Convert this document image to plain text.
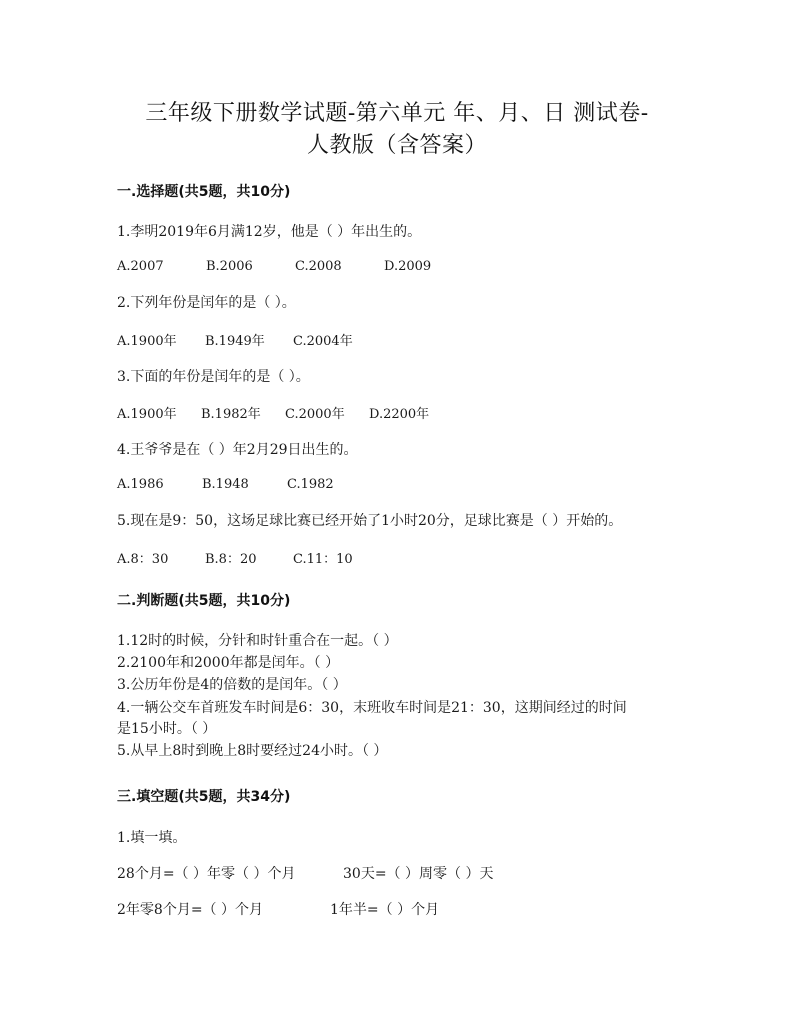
三年级下册数学试题-第六单元 年、月、日 测试卷-
人教版（含答案）
一.选择题(共5题，共10分)
1.李明2019年6月满12岁，他是（ ）年出生的。
A.2007	B.2006	C.2008	D.2009
2.下列年份是闰年的是（ ）。
A.1900年 B.1949年 C.2004年
3.下面的年份是闰年的是（ ）。
A.1900年 B.1982年 C.2000年 D.2200年
4.王爷爷是在（ ）年2月29日出生的。
A.1986	B.1948	C.1982
5.现在是9：50，这场足球比赛已经开始了1小时20分，足球比赛是（ ）开始的。
A.8：30	B.8：20	C.11：10
二.判断题(共5题，共10分)
1.12时的时候，分针和时针重合在一起。（ ）
2.2100年和2000年都是闰年。（ ）
3.公历年份是4的倍数的是闰年。（ ）
4.一辆公交车首班发车时间是6：30，末班收车时间是21：30，这期间经过的时间
是15小时。（ ）
5.从早上8时到晚上8时要经过24小时。（ ）
三.填空题(共5题，共34分)
1.填一填。
28个月=（ ）年零（ ）个月	30天=（ ）周零（ ）天
2年零8个月=（ ）个月	1年半=（ ）个月
